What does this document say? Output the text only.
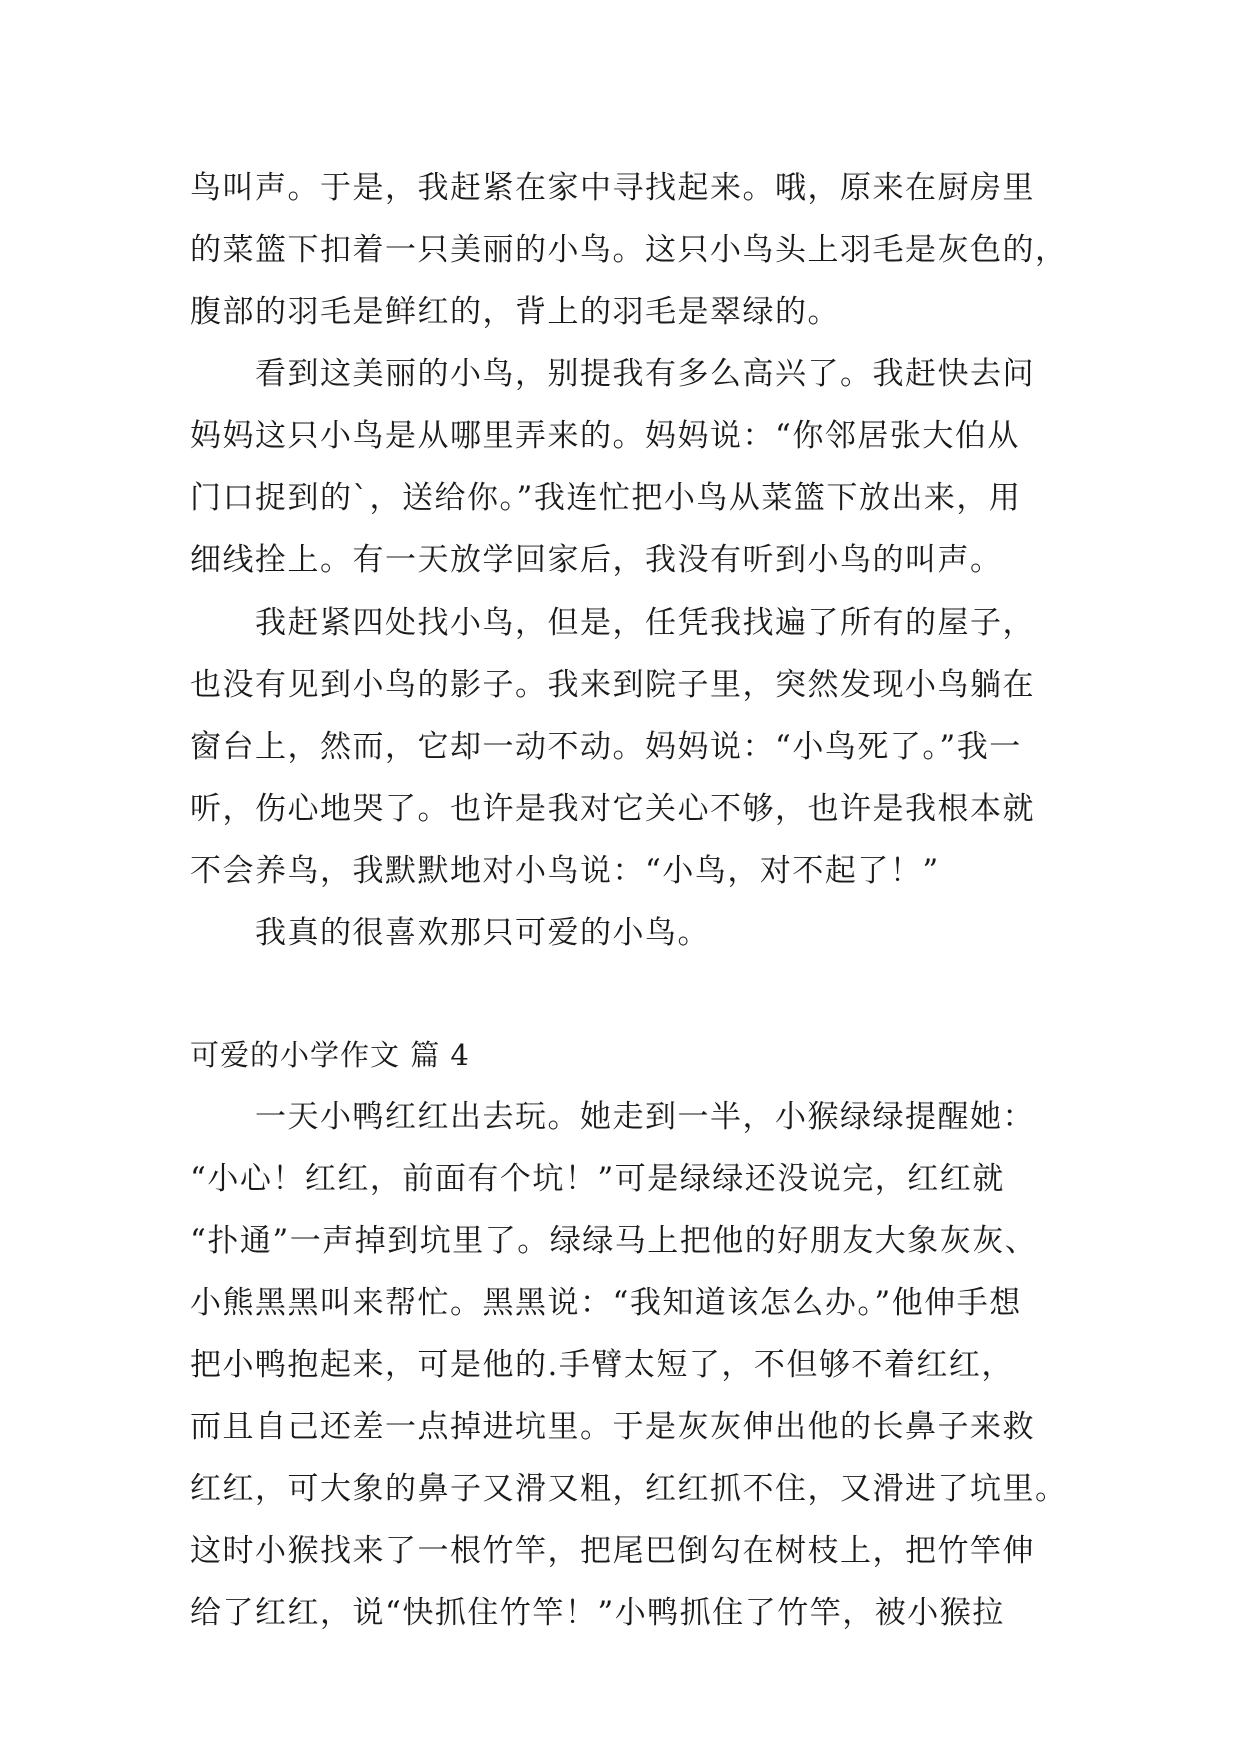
鸟叫声。于是，我赶紧在家中寻找起来。哦，原来在厨房里
的菜篮下扣着一只美丽的小鸟。这只小鸟头上羽毛是灰色的，
腹部的羽毛是鲜红的，背上的羽毛是翠绿的。
　　看到这美丽的小鸟，别提我有多么高兴了。我赶快去问
妈妈这只小鸟是从哪里弄来的。妈妈说：“你邻居张大伯从
门口捉到的`，送给你。”我连忙把小鸟从菜篮下放出来，用
细线拴上。有一天放学回家后，我没有听到小鸟的叫声。
　　我赶紧四处找小鸟，但是，任凭我找遍了所有的屋子，
也没有见到小鸟的影子。我来到院子里，突然发现小鸟躺在
窗台上，然而，它却一动不动。妈妈说：“小鸟死了。”我一
听，伤心地哭了。也许是我对它关心不够，也许是我根本就
不会养鸟，我默默地对小鸟说：“小鸟，对不起了！”
　　我真的很喜欢那只可爱的小鸟。
可爱的小学作文 篇 4
　　一天小鸭红红出去玩。她走到一半，小猴绿绿提醒她：
“小心！红红，前面有个坑！”可是绿绿还没说完，红红就
“扑通”一声掉到坑里了。绿绿马上把他的好朋友大象灰灰、
小熊黑黑叫来帮忙。黑黑说：“我知道该怎么办。”他伸手想
把小鸭抱起来，可是他的.手臂太短了，不但够不着红红，
而且自己还差一点掉进坑里。于是灰灰伸出他的长鼻子来救
红红，可大象的鼻子又滑又粗，红红抓不住，又滑进了坑里。
这时小猴找来了一根竹竿，把尾巴倒勾在树枝上，把竹竿伸
给了红红，说“快抓住竹竿！”小鸭抓住了竹竿，被小猴拉
